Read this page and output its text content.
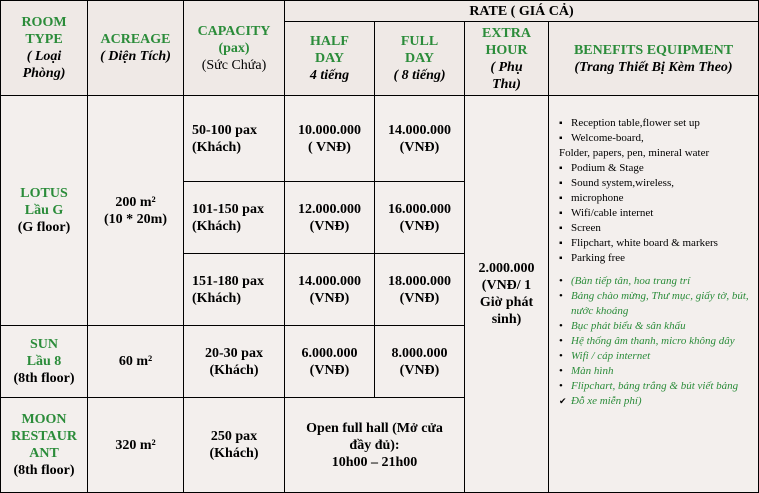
ROOM
TYPE
( Loại
Phòng)
ACREAGE
( Diện Tích)
CAPACITY
(pax)
(Sức Chứa)
RATE ( GIÁ CẢ)
HALF
DAY
4 tiếng
FULL
DAY
( 8 tiếng)
EXTRA
HOUR
( Phụ
Thu)
BENEFITS EQUIPMENT
(Trang Thiết Bị Kèm Theo)
LOTUS
Lầu G
(G floor)
200 m²
(10 * 20m)
50-100 pax
(Khách)
10.000.000
( VNĐ)
14.000.000
(VNĐ)
101-150 pax
(Khách)
12.000.000
(VNĐ)
16.000.000
(VNĐ)
151-180 pax
(Khách)
14.000.000
(VNĐ)
18.000.000
(VNĐ)
SUN
Lầu 8
(8th floor)
60 m²
20-30 pax
(Khách)
6.000.000
(VNĐ)
8.000.000
(VNĐ)
MOON
RESTAUR
ANT
(8th floor)
320 m²
250 pax
(Khách)
Open full hall (Mở cửa
đầy đủ):
10h00 – 21h00
2.000.000
(VNĐ/ 1
Giờ phát
sinh)
▪ Reception table,flower set up
▪ Welcome-board,
Folder, papers, pen, mineral water
▪ Podium & Stage
▪ Sound system,wireless,
▪ microphone
▪ Wifi/cable internet
▪ Screen
▪ Flipchart, white board & markers
▪ Parking free
• (Bàn tiếp tân, hoa trang trí
• Bảng chào mừng, Thư mục, giấy tờ, bút, nước khoáng
• Bục phát biểu & sân khấu
• Hệ thống âm thanh, micro không dây
• Wifi / cáp internet
• Màn hình
• Flipchart, bảng trắng & bút viết bảng
✔ Đỗ xe miễn phí)
